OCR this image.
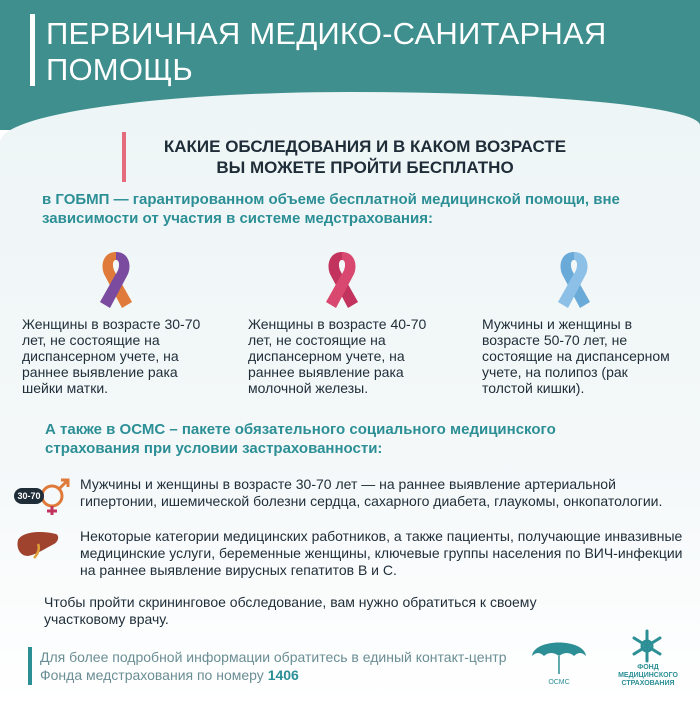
ПЕРВИЧНАЯ МЕДИКО-САНИТАРНАЯ ПОМОЩЬ
КАКИЕ ОБСЛЕДОВАНИЯ И В КАКОМ ВОЗРАСТЕ ВЫ МОЖЕТЕ ПРОЙТИ БЕСПЛАТНО
в ГОБМП — гарантированном объеме бесплатной медицинской помощи, вне зависимости от участия в системе медстрахования:
Женщины в возрасте 30-70 лет, не состоящие на диспансерном учете, на раннее выявление рака шейки матки.
Женщины в возрасте 40-70 лет, не состоящие на диспансерном учете, на раннее выявление рака молочной железы.
Мужчины и женщины в возрасте 50-70 лет, не состоящие на диспансерном учете, на полипоз (рак толстой кишки).
А также в ОСМС – пакете обязательного социального медицинского страхования при условии застрахованности:
30-70
Мужчины и женщины в возрасте 30-70 лет — на раннее выявление артериальной гипертонии, ишемической болезни сердца, сахарного диабета, глаукомы, онкопатологии.
Некоторые категории медицинских работников, а также пациенты, получающие инвазивные медицинские услуги, беременные женщины, ключевые группы населения по ВИЧ-инфекции на раннее выявление вирусных гепатитов В и С.
Чтобы пройти скрининговое обследование, вам нужно обратиться к своему участковому врачу.
Для более подробной информации обратитесь в единый контакт-центр Фонда медстрахования по номеру 1406	ОСМС
ФОНД МЕДИЦИНСКОГО СТРАХОВАНИЯ
